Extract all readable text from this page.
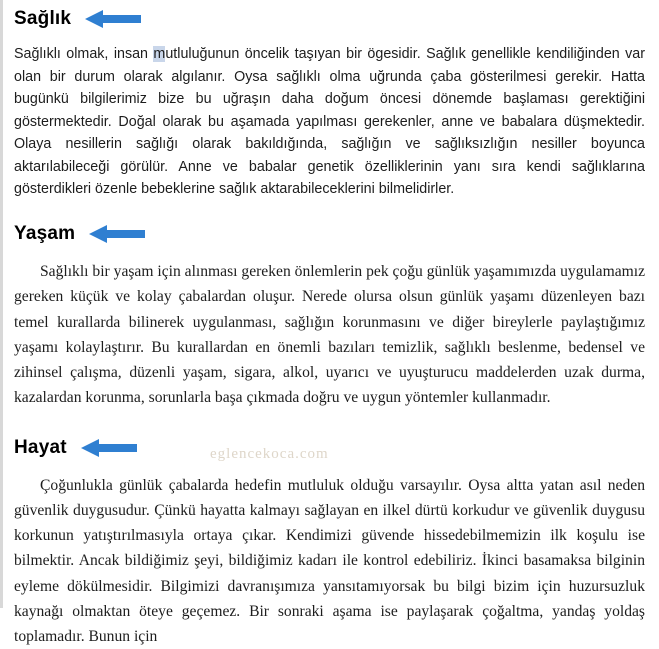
eglencekoca.com
Sağlık

Sağlıklı olmak, insan mutluluğunun öncelik taşıyan bir ögesidir. Sağlık genellikle kendiliğinden var olan bir durum olarak algılanır. Oysa sağlıklı olma uğrunda çaba gösterilmesi gerekir. Hatta bugünkü bilgilerimiz bize bu uğraşın daha doğum öncesi dönemde başlaması gerektiğini göstermektedir. Doğal olarak bu aşamada yapılması gerekenler, anne ve babalara düşmektedir. Olaya nesillerin sağlığı olarak bakıldığında, sağlığın ve sağlıksızlığın nesiller boyunca aktarılabileceği görülür. Anne ve babalar genetik özelliklerinin yanı sıra kendi sağlıklarına gösterdikleri özenle bebeklerine sağlık aktarabileceklerini bilmelidirler.

Yaşam

Sağlıklı bir yaşam için alınması gereken önlemlerin pek çoğu günlük yaşamımızda uygulamamız gereken küçük ve kolay çabalardan oluşur. Nerede olursa olsun günlük yaşamı düzenleyen bazı temel kurallarda bilinerek uygulanması, sağlığın korunmasını ve diğer bireylerle paylaştığımız yaşamı kolaylaştırır. Bu kurallardan en önemli bazıları temizlik, sağlıklı beslenme, bedensel ve zihinsel çalışma, düzenli yaşam, sigara, alkol, uyarıcı ve uyuşturucu maddelerden uzak durma, kazalardan korunma, sorunlarla başa çıkmada doğru ve uygun yöntemler kullanmadır.

Hayat

Çoğunlukla günlük çabalarda hedefin mutluluk olduğu varsayılır. Oysa altta yatan asıl neden güvenlik duygusudur. Çünkü hayatta kalmayı sağlayan en ilkel dürtü korkudur ve güvenlik duygusu korkunun yatıştırılmasıyla ortaya çıkar. Kendimizi güvende hissedebilmemizin ilk koşulu ise bilmektir. Ancak bildiğimiz şeyi, bildiğimiz kadarı ile kontrol edebiliriz. İkinci basamaksa bilginin eyleme dökülmesidir. Bilgimizi davranışımıza yansıtamıyorsak bu bilgi bizim için huzursuzluk kaynağı olmaktan öteye geçemez. Bir sonraki aşama ise paylaşarak çoğaltma, yandaş yoldaş toplamadır. Bunun için
